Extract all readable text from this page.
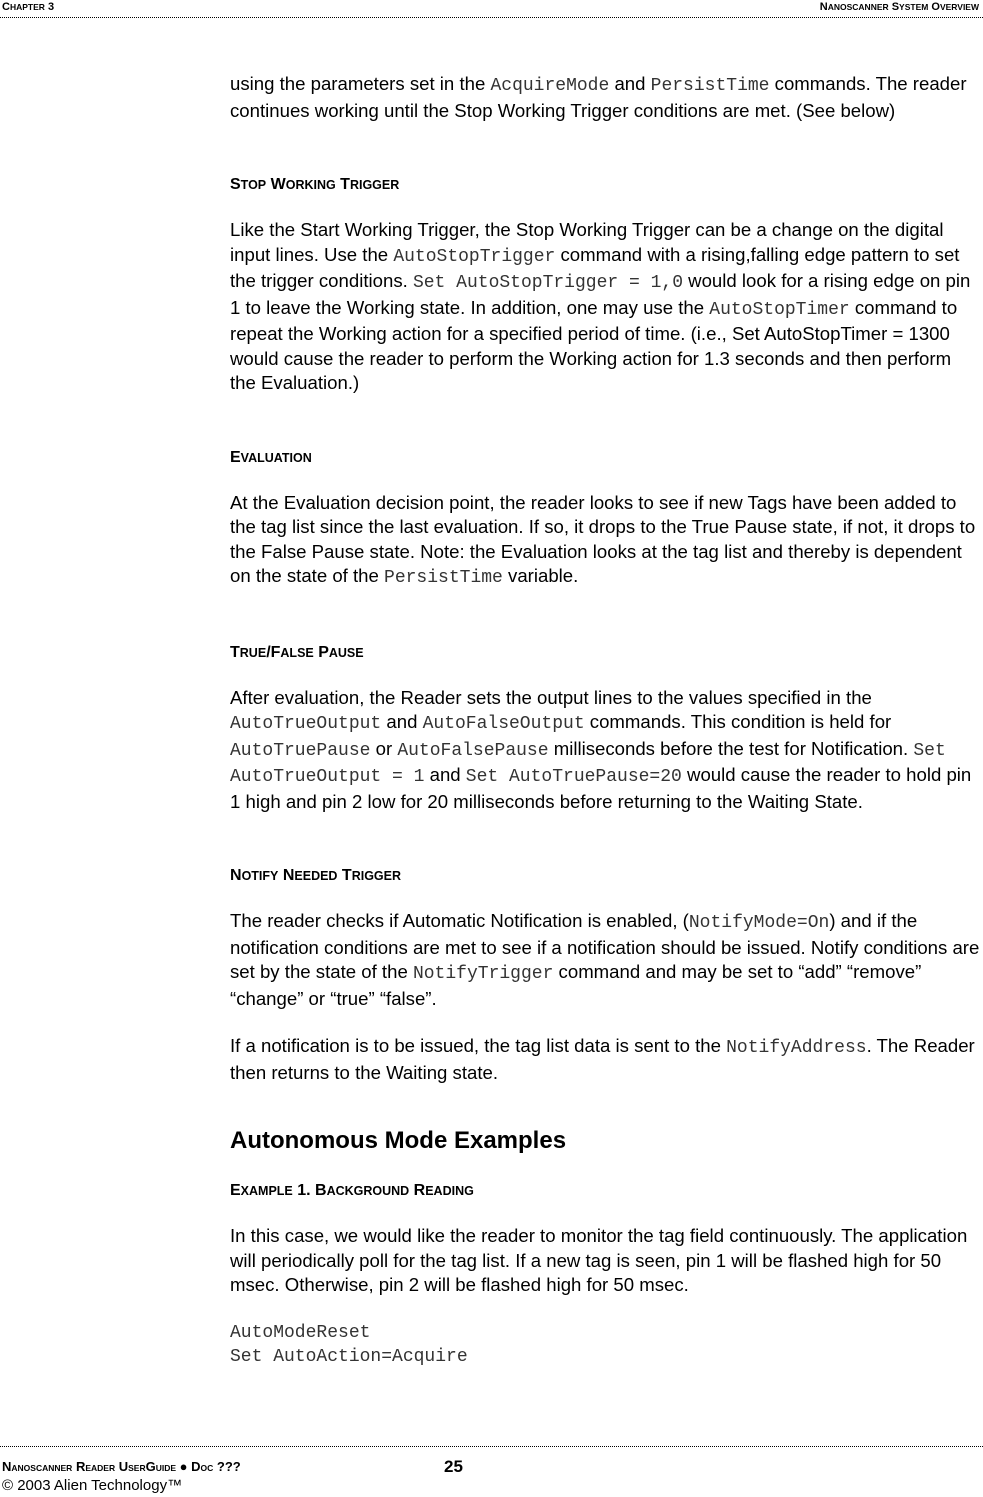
CHAPTER 3	NANOSCANNER SYSTEM OVERVIEW

using the parameters set in the AcquireMode and PersistTime commands. The reader continues working until the Stop Working Trigger conditions are met. (See below)

STOP WORKING TRIGGER

Like the Start Working Trigger, the Stop Working Trigger can be a change on the digital input lines. Use the AutoStopTrigger command with a rising,falling edge pattern to set the trigger conditions. Set AutoStopTrigger = 1,0 would look for a rising edge on pin 1 to leave the Working state. In addition, one may use the AutoStopTimer command to repeat the Working action for a specified period of time. (i.e., Set AutoStopTimer = 1300 would cause the reader to perform the Working action for 1.3 seconds and then perform the Evaluation.)

EVALUATION

At the Evaluation decision point, the reader looks to see if new Tags have been added to the tag list since the last evaluation. If so, it drops to the True Pause state, if not, it drops to the False Pause state. Note: the Evaluation looks at the tag list and thereby is dependent on the state of the PersistTime variable.

TRUE/FALSE PAUSE

After evaluation, the Reader sets the output lines to the values specified in the AutoTrueOutput and AutoFalseOutput commands. This condition is held for AutoTruePause or AutoFalsePause milliseconds before the test for Notification. Set AutoTrueOutput = 1 and Set AutoTruePause=20 would cause the reader to hold pin 1 high and pin 2 low for 20 milliseconds before returning to the Waiting State.

NOTIFY NEEDED TRIGGER

The reader checks if Automatic Notification is enabled, (NotifyMode=On) and if the notification conditions are met to see if a notification should be issued. Notify conditions are set by the state of the NotifyTrigger command and may be set to “add” “remove” “change” or “true” “false”.

If a notification is to be issued, the tag list data is sent to the NotifyAddress. The Reader then returns to the Waiting state.

Autonomous Mode Examples
EXAMPLE 1. BACKGROUND READING

In this case, we would like the reader to monitor the tag field continuously. The application will periodically poll for the tag list. If a new tag is seen, pin 1 will be flashed high for 50 msec. Otherwise, pin 2 will be flashed high for 50 msec.

AutoModeReset
Set AutoAction=Acquire
NANOSCANNER READER USERGUIDE ● DOC ???	25
© 2003 Alien Technology™
